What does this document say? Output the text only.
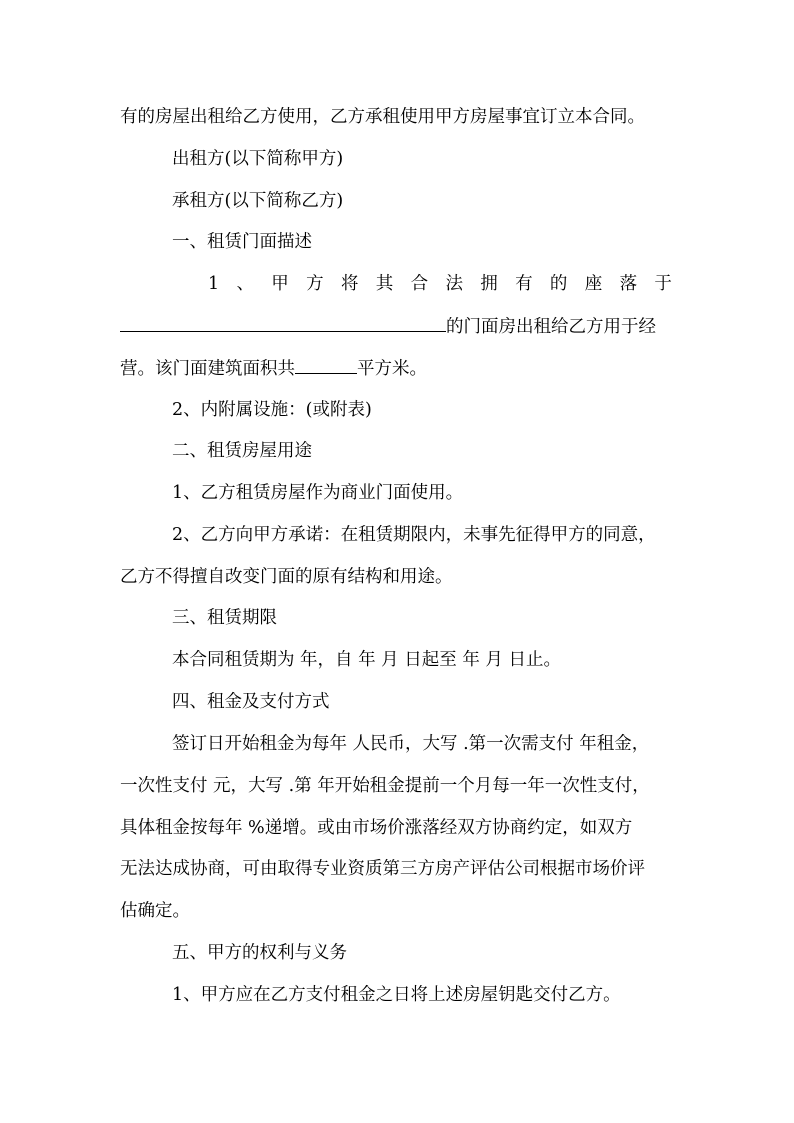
有的房屋出租给乙方使用，乙方承租使用甲方房屋事宜订立本合同。

出租方(以下简称甲方)

承租方(以下简称乙方)

一、租赁门面描述

1 、 甲 方 将 其 合 法 拥 有 的 座 落 于

的门面房出租给乙方用于经

营。该门面建筑面积共	平方米。

2、内附属设施：(或附表)

二、租赁房屋用途

1、乙方租赁房屋作为商业门面使用。

2、乙方向甲方承诺：在租赁期限内，未事先征得甲方的同意，

乙方不得擅自改变门面的原有结构和用途。

三、租赁期限

本合同租赁期为 年，自 年 月 日起至 年 月 日止。

四、租金及支付方式

签订日开始租金为每年 人民币，大写 .第一次需支付 年租金，

一次性支付 元，大写 .第 年开始租金提前一个月每一年一次性支付，

具体租金按每年 %递增。或由市场价涨落经双方协商约定，如双方

无法达成协商，可由取得专业资质第三方房产评估公司根据市场价评

估确定。

五、甲方的权利与义务

1、甲方应在乙方支付租金之日将上述房屋钥匙交付乙方。
